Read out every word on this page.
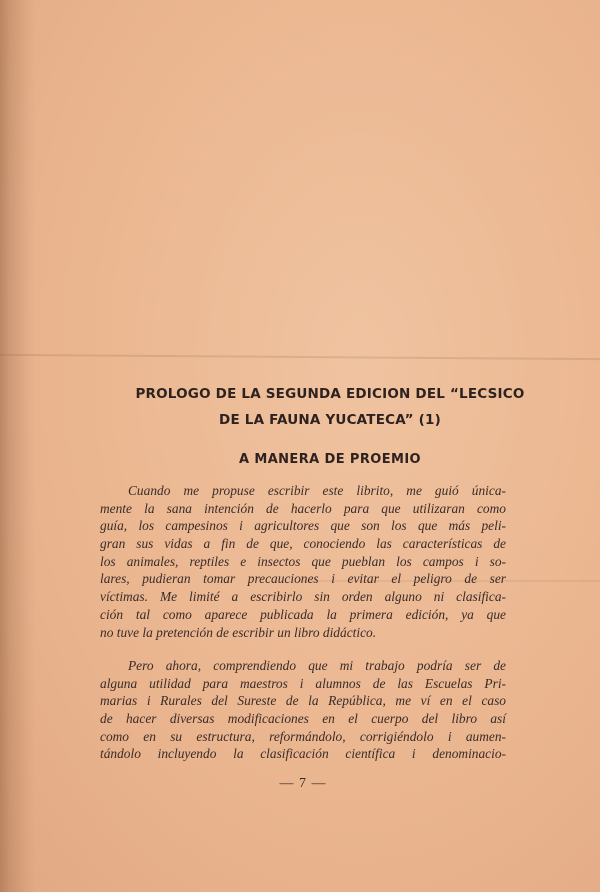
PROLOGO DE LA SEGUNDA EDICION DEL “LECSICO
DE LA FAUNA YUCATECA” (1)
A MANERA DE PROEMIO
Cuando me propuse escribir este librito, me guió única-
mente la sana intención de hacerlo para que utilizaran como
guía, los campesinos i agricultores que son los que más peli-
gran sus vidas a fin de que, conociendo las características de
los animales, reptiles e insectos que pueblan los campos i so-
lares, pudieran tomar precauciones i evitar el peligro de ser
víctimas. Me limité a escribirlo sin orden alguno ni clasifica-
ción tal como aparece publicada la primera edición, ya que
no tuve la pretención de escribir un libro didáctico.
Pero ahora, comprendiendo que mi trabajo podría ser de
alguna utilidad para maestros i alumnos de las Escuelas Pri-
marias i Rurales del Sureste de la República, me ví en el caso
de hacer diversas modificaciones en el cuerpo del libro así
como en su estructura, reformándolo, corrigiéndolo i aumen-
tándolo incluyendo la clasificación científica i denominacio-
— 7 —
